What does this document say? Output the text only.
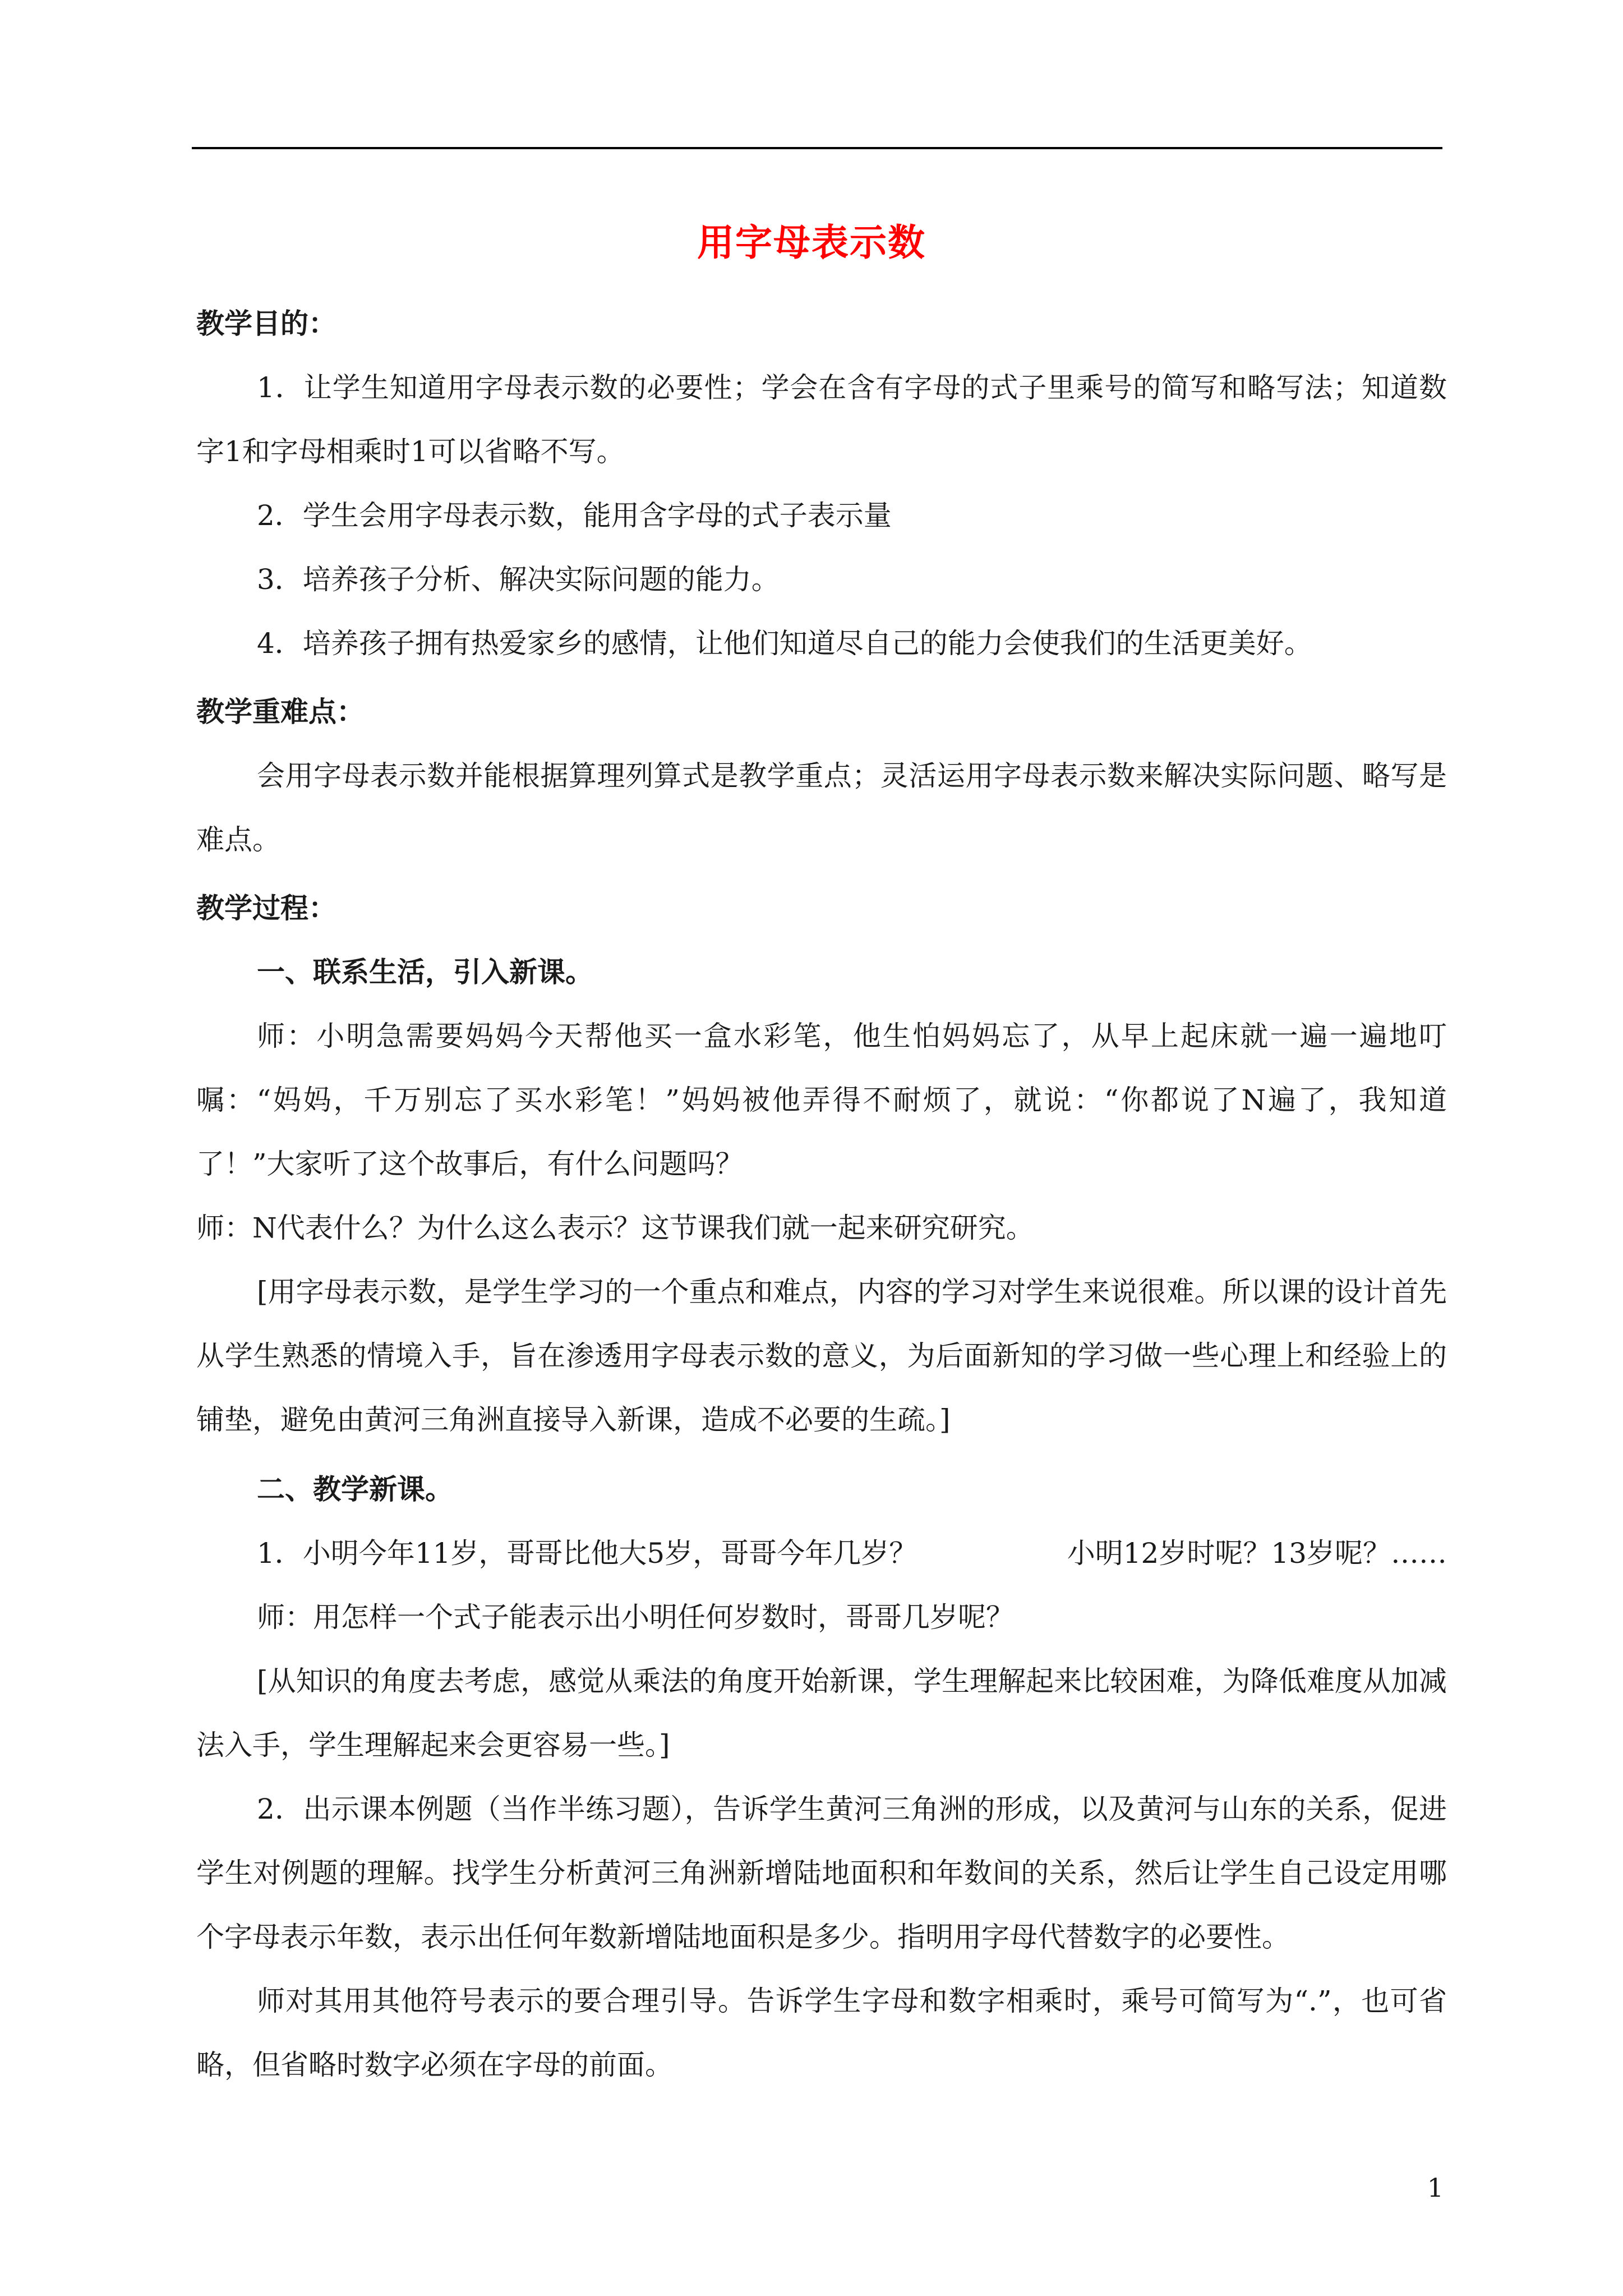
用字母表示数

教学目的：

1．让学生知道用字母表示数的必要性；学会在含有字母的式子里乘号的简写和略写法；知道数字1和字母相乘时1可以省略不写。

2．学生会用字母表示数，能用含字母的式子表示量

3．培养孩子分析、解决实际问题的能力。

4．培养孩子拥有热爱家乡的感情，让他们知道尽自己的能力会使我们的生活更美好。

教学重难点：

会用字母表示数并能根据算理列算式是教学重点；灵活运用字母表示数来解决实际问题、略写是难点。

教学过程：

一、联系生活，引入新课。

师：小明急需要妈妈今天帮他买一盒水彩笔，他生怕妈妈忘了，从早上起床就一遍一遍地叮嘱：“妈妈，千万别忘了买水彩笔！”妈妈被他弄得不耐烦了，就说：“你都说了N遍了，我知道了！”大家听了这个故事后，有什么问题吗？

师：N代表什么？为什么这么表示？这节课我们就一起来研究研究。

[用字母表示数，是学生学习的一个重点和难点，内容的学习对学生来说很难。所以课的设计首先从学生熟悉的情境入手，旨在渗透用字母表示数的意义，为后面新知的学习做一些心理上和经验上的铺垫，避免由黄河三角洲直接导入新课，造成不必要的生疏。]

二、教学新课。

1．小明今年11岁，哥哥比他大5岁，哥哥今年几岁？	小明12岁时呢？13岁呢？……

师：用怎样一个式子能表示出小明任何岁数时，哥哥几岁呢？

[从知识的角度去考虑，感觉从乘法的角度开始新课，学生理解起来比较困难，为降低难度从加减法入手，学生理解起来会更容易一些。]

2．出示课本例题（当作半练习题），告诉学生黄河三角洲的形成，以及黄河与山东的关系，促进学生对例题的理解。找学生分析黄河三角洲新增陆地面积和年数间的关系，然后让学生自己设定用哪个字母表示年数，表示出任何年数新增陆地面积是多少。指明用字母代替数字的必要性。

师对其用其他符号表示的要合理引导。告诉学生字母和数字相乘时，乘号可简写为“.”，也可省略，但省略时数字必须在字母的前面。

1
